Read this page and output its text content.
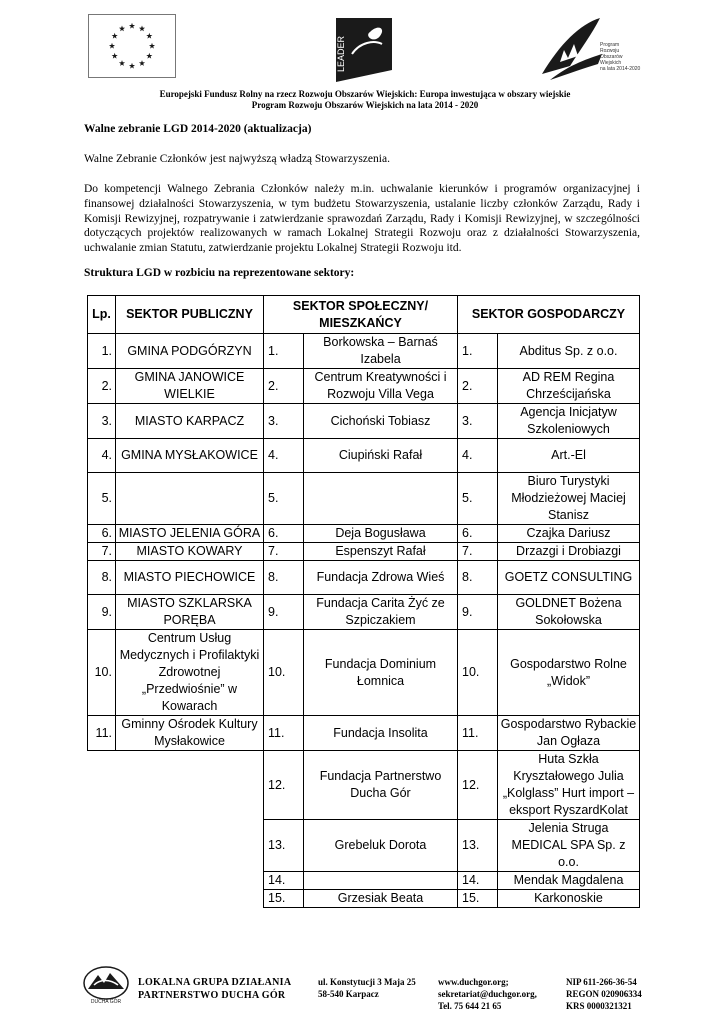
LEADER	Program
Rozwoju
Obszarów
Wiejskich
na lata 2014-2020
Europejski Fundusz Rolny na rzecz Rozwoju Obszarów Wiejskich: Europa inwestująca w obszary wiejskie
Program Rozwoju Obszarów Wiejskich na lata 2014 - 2020
Walne zebranie LGD 2014-2020 (aktualizacja)
Walne Zebranie Członków jest najwyższą władzą Stowarzyszenia.
Do kompetencji Walnego Zebrania Członków należy m.in. uchwalanie kierunków i programów organizacyjnej i finansowej działalności Stowarzyszenia, w tym budżetu Stowarzyszenia, ustalanie liczby członków Zarządu, Rady i Komisji Rewizyjnej, rozpatrywanie i zatwierdzanie sprawozdań Zarządu, Rady i Komisji Rewizyjnej, w szczególności dotyczących projektów realizowanych w ramach Lokalnej Strategii Rozwoju oraz z działalności Stowarzyszenia, uchwalanie zmian Statutu, zatwierdzanie projektu Lokalnej Strategii Rozwoju itd.
Struktura LGD w rozbiciu na reprezentowane sektory:
Lp.	SEKTOR PUBLICZNY	SEKTOR SPOŁECZNY/ MIESZKAŃCY		SEKTOR GOSPODARCZY	
1.	GMINA PODGÓRZYN	1.	Borkowska – Barnaś Izabela	1.	Abditus Sp. z o.o.
2.	GMINA JANOWICE WIELKIE	2.	Centrum Kreatywności i Rozwoju Villa Vega	2.	AD REM Regina Chrześcijańska
3.	MIASTO KARPACZ	3.	Cichoński Tobiasz	3.	Agencja Inicjatyw Szkoleniowych
4.	GMINA MYSŁAKOWICE	4.	Ciupiński Rafał	4.	Art.-El
5.		5.		5.	Biuro Turystyki Młodzieżowej Maciej Stanisz
6.	MIASTO JELENIA GÓRA	6.	Deja Bogusława	6.	Czajka Dariusz
7.	MIASTO KOWARY	7.	Espenszyt Rafał	7.	Drzazgi i Drobiazgi
8.	MIASTO PIECHOWICE	8.	Fundacja Zdrowa Wieś	8.	GOETZ CONSULTING
9.	MIASTO SZKLARSKA PORĘBA	9.	Fundacja Carita Żyć ze Szpiczakiem	9.	GOLDNET Bożena Sokołowska
10.	Centrum Usług Medycznych i Profilaktyki Zdrowotnej „Przedwiośnie” w Kowarach	10.	Fundacja Dominium Łomnica	10.	Gospodarstwo Rolne „Widok”
11.	Gminny Ośrodek Kultury Mysłakowice	11.	Fundacja Insolita	11.	Gospodarstwo Rybackie Jan Ogłaza
		12.	Fundacja Partnerstwo Ducha Gór	12.	Huta Szkła Kryształowego Julia „Kolglass” Hurt import – eksport RyszardKolat
		13.	Grebeluk Dorota	13.	Jelenia Struga MEDICAL SPA Sp. z o.o.
		14.		14.	Mendak Magdalena
		15.	Grzesiak Beata	15.	Karkonoskie
DUCHA GÓR
LOKALNA GRUPA DZIAŁANIA
PARTNERSTWO DUCHA GÓR
ul. Konstytucji 3 Maja 25
58-540 Karpacz
www.duchgor.org;
sekretariat@duchgor.org,
Tel. 75 644 21 65
NIP 611-266-36-54
REGON 020906334
KRS 0000321321
